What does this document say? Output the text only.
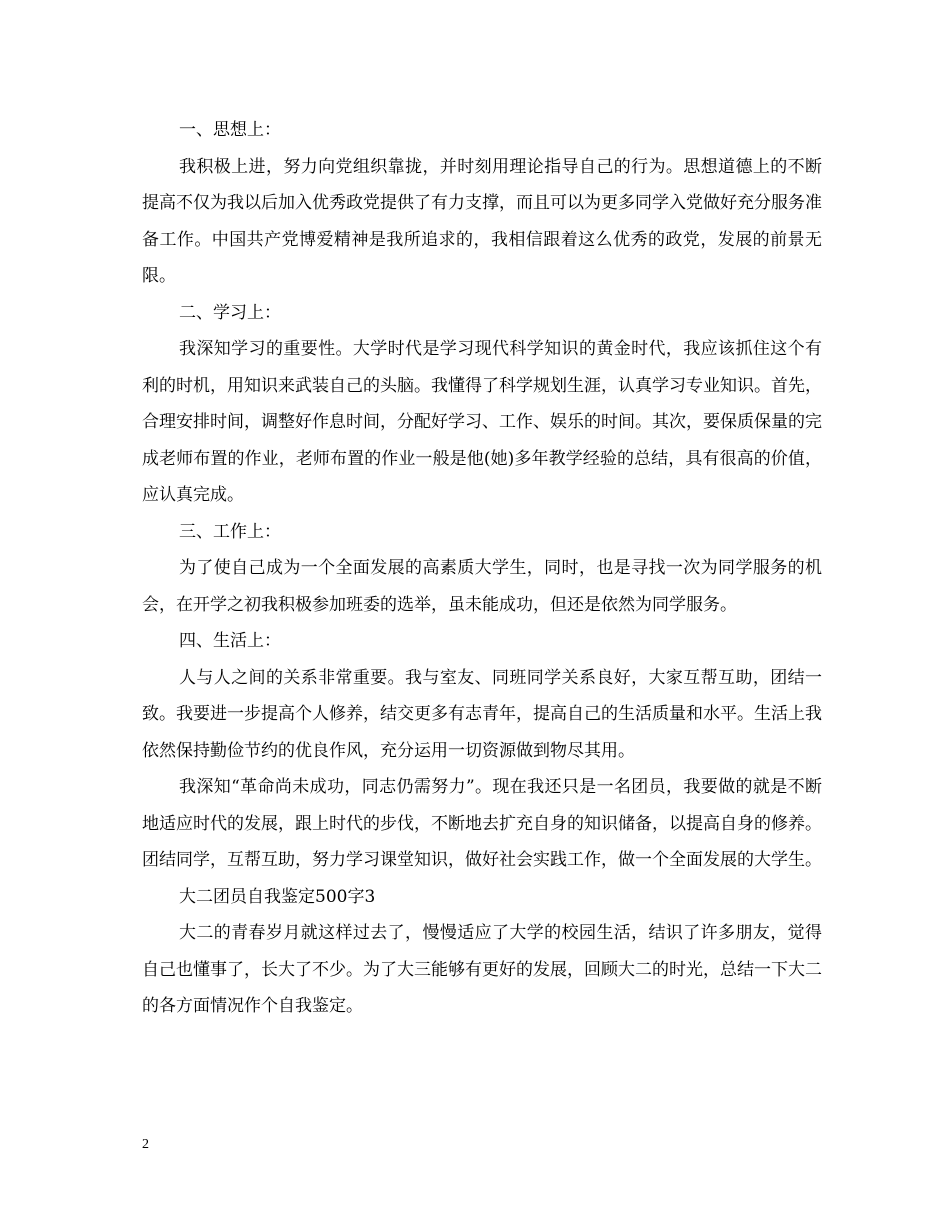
一、思想上：

我积极上进，努力向党组织靠拢，并时刻用理论指导自己的行为。思想道德上的不断提高不仅为我以后加入优秀政党提供了有力支撑，而且可以为更多同学入党做好充分服务准备工作。中国共产党博爱精神是我所追求的，我相信跟着这么优秀的政党，发展的前景无限。

二、学习上：

我深知学习的重要性。大学时代是学习现代科学知识的黄金时代，我应该抓住这个有利的时机，用知识来武装自己的头脑。我懂得了科学规划生涯，认真学习专业知识。首先，合理安排时间，调整好作息时间，分配好学习、工作、娱乐的时间。其次，要保质保量的完成老师布置的作业，老师布置的作业一般是他(她)多年教学经验的总结，具有很高的价值，应认真完成。

三、工作上：

为了使自己成为一个全面发展的高素质大学生，同时，也是寻找一次为同学服务的机会，在开学之初我积极参加班委的选举，虽未能成功，但还是依然为同学服务。

四、生活上：

人与人之间的关系非常重要。我与室友、同班同学关系良好，大家互帮互助，团结一致。我要进一步提高个人修养，结交更多有志青年，提高自己的生活质量和水平。生活上我依然保持勤俭节约的优良作风，充分运用一切资源做到物尽其用。

我深知“革命尚未成功，同志仍需努力”。现在我还只是一名团员，我要做的就是不断地适应时代的发展，跟上时代的步伐，不断地去扩充自身的知识储备，以提高自身的修养。团结同学，互帮互助，努力学习课堂知识，做好社会实践工作，做一个全面发展的大学生。

大二团员自我鉴定500字3

大二的青春岁月就这样过去了，慢慢适应了大学的校园生活，结识了许多朋友，觉得自己也懂事了，长大了不少。为了大三能够有更好的发展，回顾大二的时光，总结一下大二的各方面情况作个自我鉴定。

2
